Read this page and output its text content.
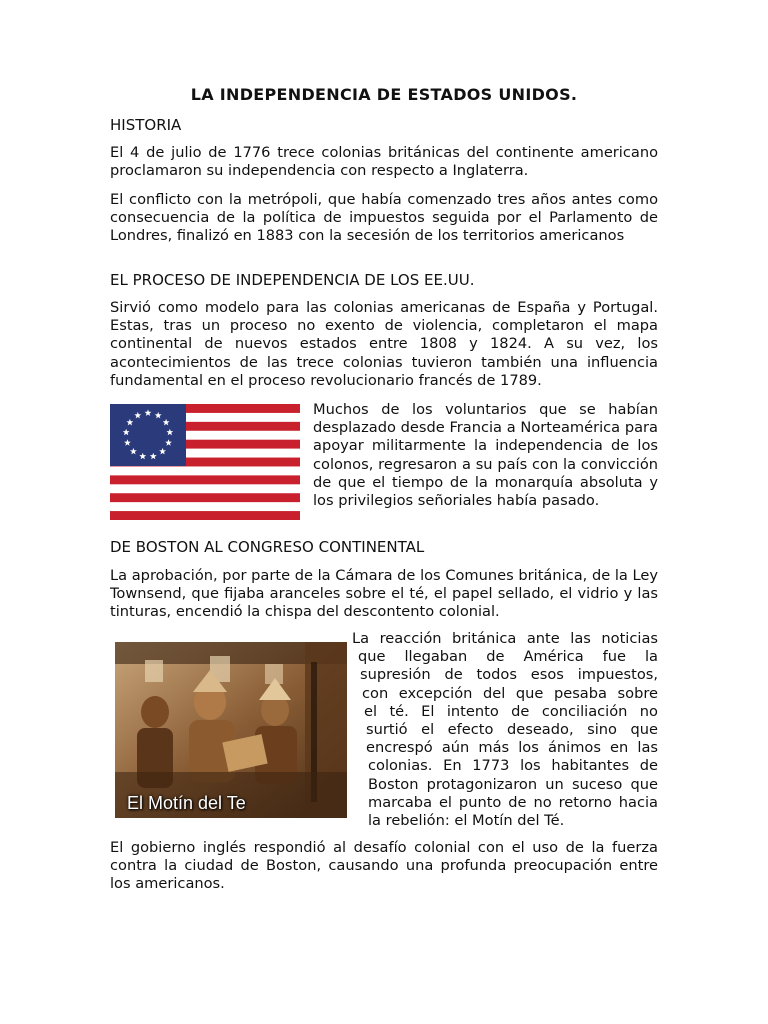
LA INDEPENDENCIA DE ESTADOS UNIDOS.
HISTORIA

El 4 de julio de 1776 trece colonias británicas del continente americano proclamaron su independencia con respecto a Inglaterra.

El conflicto con la metrópoli, que había comenzado tres años antes como consecuencia de la política de impuestos seguida por el Parlamento de Londres, finalizó en 1883 con la secesión de los territorios americanos

EL PROCESO DE INDEPENDENCIA DE LOS EE.UU.

Sirvió como modelo para las colonias americanas de España y Portugal. Estas, tras un proceso no exento de violencia, completaron el mapa continental de nuevos estados entre 1808 y 1824. A su vez, los acontecimientos de las trece colonias tuvieron también una influencia fundamental en el proceso revolucionario francés de 1789.

Muchos de los voluntarios que se habían desplazado desde Francia a Norteamérica para apoyar militarmente la independencia de los colonos, regresaron a su país con la convicción de que el tiempo de la monarquía absoluta y los privilegios señoriales había pasado.

DE BOSTON AL CONGRESO CONTINENTAL

La aprobación, por parte de la Cámara de los Comunes británica, de la Ley Townsend, que fijaba aranceles sobre el té, el papel sellado, el vidrio y las tinturas, encendió la chispa del descontento colonial.

El Motín del Te
La reacción británica ante las noticias
que llegaban de América fue la
supresión de todos esos impuestos,
con excepción del que pesaba sobre
el té. El intento de conciliación no
surtió el efecto deseado, sino que
encrespó aún más los ánimos en las
colonias. En 1773 los habitantes de
Boston protagonizaron un suceso que
marcaba el punto de no retorno hacia
la rebelión: el Motín del Té.

El gobierno inglés respondió al desafío colonial con el uso de la fuerza contra la ciudad de Boston, causando una profunda preocupación entre los americanos.
